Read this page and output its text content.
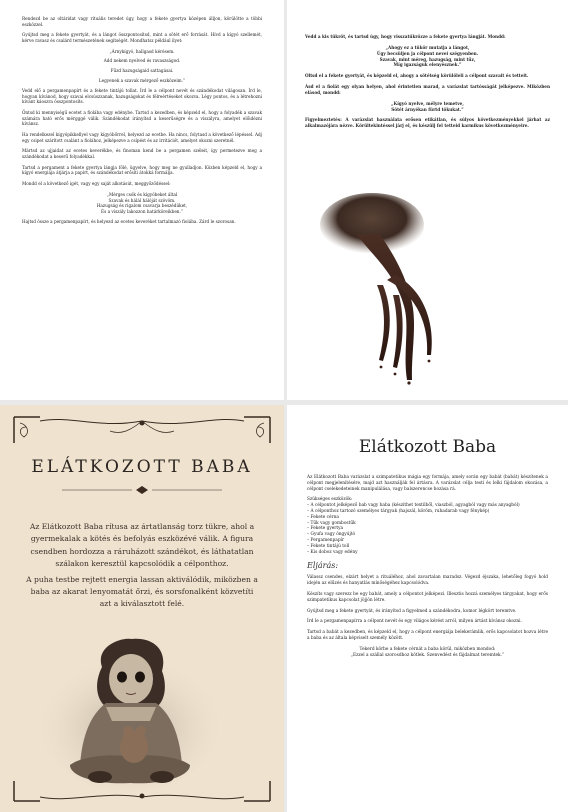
Rendezd be az oltáridat vagy rituális teredet úgy, hogy a fekete gyertya középen álljon, körülötte a többi eszközzel.

Gyújtsd meg a fekete gyertyát, és a lángot összpontosítsd, mint a sötét erő forrását. Hívd a kígyó szellemét, kérve ravasz és csalárd természetének segítségét. Mondhatsz például ilyet:

„Árnykígyó, hallgasd kérésem.
Add nekem nyelved és ravaszságod.
Fűzd hazugságaid sattagásai.
Legyenek a szavak mérgező eszközeim.”

Vedd elő a pergamenpapírt és a fekete tintájú tollat. Írd le a célpont nevét és szándékodat világosan. Írd le, hogyan kívánod, hogy szavai elcsúszzanak, hazugságokat és félreértéseket okozva. Légy pontos, és a létrehozni kívánt káoszra összpontosíts.

Öntsd ki mennyiségű ecetet a fiolába vagy edénybe. Tartsd a kezedben, és képzeld el, hogy a folyadék a szavak számára ható erős mérgggé válik. Szándékodat irányítsd a keserűségre és a viszályra, amelyet előidézni kívánsz.

Ha rendelkezel kígyópikkellyel vagy kígyóbőrrel, helyezd az ecetbe. Ha nincs, folytasd a következő lépéssel. Adj egy csipet szárított csalánt a fiolához, jelképezve a csípést és az irritációt, amelyet okozni szeretnél.

Mártsd az ujjaidat az ecetes keverékbe, és finoman kend be a pergamen széleit, így permetezve meg a szándékodat a keserű folyadékkal.

Tartsd a pergament a fekete gyertya lángja fölé, ügyelve, hogy meg ne gyulladjon. Közben képzeld el, hogy a kígyó energiája átjárja a papírt, és szándékodat erősíti átokká formálja.

Mondd el a következő igét, vagy egy saját alkotásút, meggyőződéssel:

„Mérges csók és kígyóbeket által
Szavak és hálál hálóját szövöm.
Hazugság és rigalom csavarja beszédüket,
És a viszály lakozzon határköreikben.”

Hajtsd össze a pergamenpapírt, és helyezd az ecetes keveréket tartalmazó fiolába. Zárd le szorosan.

Vedd a kis tükröt, és tartsd úgy, hogy visszatükrözze a fekete gyertya lángját. Mondd:

„Ahogy ez a tükör mutatja a lángot,
Úgy becsüljen ja célpont nevei szégyenben.
Szavak, mint méreg, hazugság, mint tűz,
Míg igazságuk elenyésznek.”

Oltsd el a fekete gyertyát, és képzeld el, ahogy a sötétség körülöleli a célpont szavait és tetteit.

Ásd el a fiolát egy olyan helyen, ahol érintetlen marad, a varázslat tartósságát jelképezve. Miközben elásod, mondd:

„Kígyó nyelve, mélyre temetve,
Sötét árnyékan fürtd tökukat.”

Figyelmeztetés: A varázslat használata erősen etikátlan, és súlyos következményekkel járhat az alkalmazójára nézve. Körültekintéssel járj el, és készülj fel tetteid karmikus következményeire.

ELÁTKOZOTT BABA

Az Elátkozott Baba rítusa az ártatlanság torz tükre, ahol a gyermekalak a kötés és befolyás eszközévé válik. A figura csendben hordozza a ráruházott szándékot, és láthatatlan szálakon keresztül kapcsolódik a célponthoz.

A puha testbe rejtett energia lassan aktiválódik, miközben a baba az akarat lenyomatát őrzi, és sorsfonalként közvetíti azt a kiválasztott felé.

Elátkozott Baba

Az Elátkozott Baba varázslat a szimpatetikus mágia egy formája, amely során egy babát (babát) készítenek a célpont megjelenítésére, majd azt használják fel ártásra. A varázslat célja testi és lelki fájdalom okozása, a célpont cselekedeteinek manipulálása, vagy balszerencse hozása rá.

Szükséges eszközök:

– A célpontot jelképező bab vagy baba (készíthet textilből, viaszból, agyagból vagy más anyagból)
– A célponthoz tartozó személyes tárgyak (hajszál, köröm, ruhadarab vagy fénykép)
– Fekete cérna
– Tűk vagy gombostűk
– Fekete gyertya
– Gyufa vagy öngyújtó
– Pergamenpapír
– Fekete tintájú toll
– Kis doboz vagy edény
Eljárás:

Válassz csendes, elzárt helyet a rituáléhoz, ahol zavartalan maradsz. Végezd éjszaka, lehetőleg fogyó hold idején az elűzés és hanyatlás mínőségéhez kapcsolódva.

Készíts vagy szerezz be egy babát, amely a célpontot jelképezi. Illesztis hozzá személyes tárgyakat, hogy erős szimpatetikus kapcsolat jöjjön létre.

Gyújtsd meg a fekete gyertyát, és irányítsd a figyelmed a szándékodra, komor légkört teremtve.

Írd le a pergamenpapírra a célpont nevét és egy világos kérést arról, milyen ártást kívánsz okozni.

Tartsd a babát a kezedben, és képzeld el, hogy a célpont energiája belekerámlik, erős kapcsolatot hozva létre a baba és az általa képviselt személy között.

Tekerd körbe a fekete cérnát a baba körül, miközben mondod:

„Ezzel a szállal szorosdhoz kötlek. Szenvedést és fájdalmat teremtek.”
